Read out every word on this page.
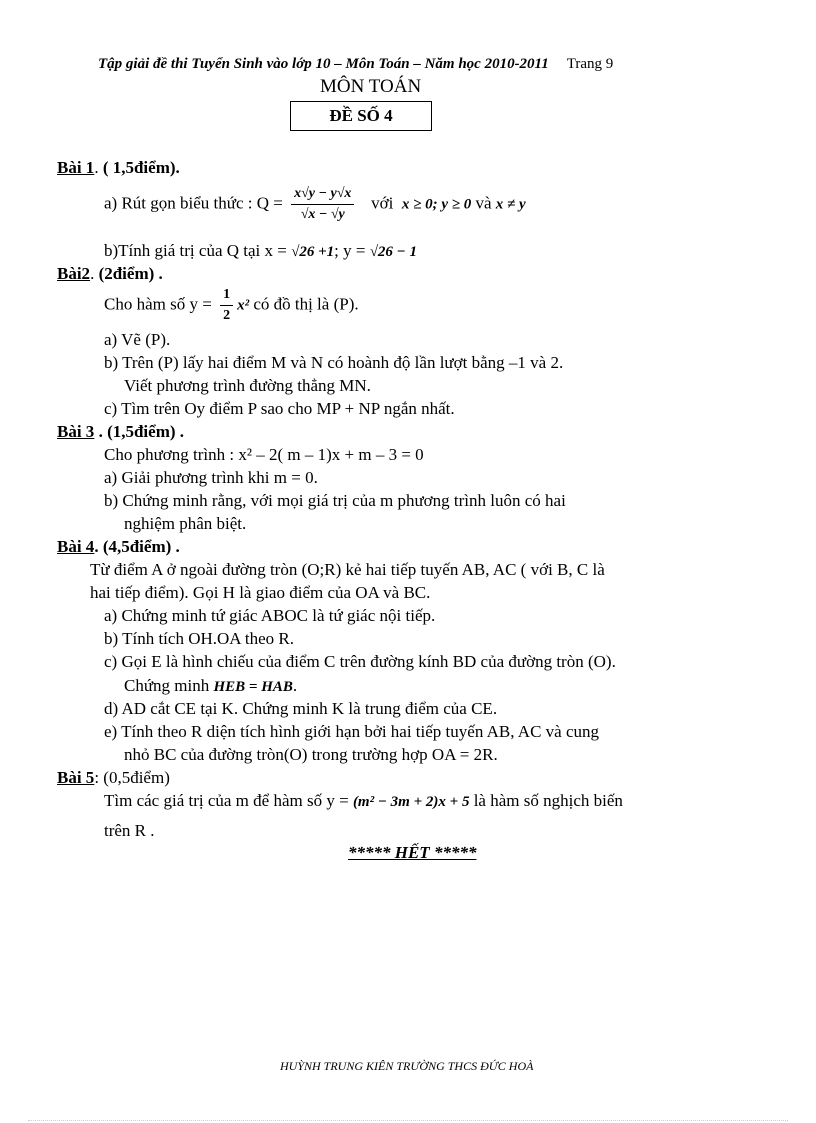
Tập giải đề thi Tuyển Sinh vào lớp 10 – Môn Toán – Năm học 2010-2011 Trang 9
MÔN TOÁN
ĐỀ SỐ 4
Bài 1. ( 1,5điểm).
a) Rút gọn biểu thức : $Q = \frac{x√y - y√x}{√x - √y}$ với x ≥ 0; y ≥ 0 và x ≠ y
b)Tính giá trị của Q tại x = √26 +1; y = √26 − 1
Bài2. (2điểm) .
Cho hàm số $y = \frac{1}{2} x^2$ có đồ thị là (P).
a) Vẽ (P).
b) Trên (P) lấy hai điểm M và N có hoành độ lần lượt bằng –1 và 2.
Viết phương trình đường thẳng MN.
c) Tìm trên Oy điểm P sao cho MP + NP ngắn nhất.
Bài 3 . (1,5điểm) .
Cho phương trình : x² – 2( m – 1)x + m – 3 = 0
a) Giải phương trình khi m = 0.
b) Chứng minh rằng, với mọi giá trị của m phương trình luôn có hai
nghiệm phân biệt.
Bài 4. (4,5điểm) .
Từ điểm A ở ngoài đường tròn (O;R) kẻ hai tiếp tuyến AB, AC ( với B, C là
hai tiếp điểm). Gọi H là giao điểm của OA và BC.
a) Chứng minh tứ giác ABOC là tứ giác nội tiếp.
b) Tính tích OH.OA theo R.
c) Gọi E là hình chiếu của điểm C trên đường kính BD của đường tròn (O).
Chứng minh HEB = HAB.
d) AD cắt CE tại K. Chứng minh K là trung điểm của CE.
e) Tính theo R diện tích hình giới hạn bởi hai tiếp tuyến AB, AC và cung
nhỏ BC của đường tròn(O) trong trường hợp OA = 2R.
Bài 5: (0,5điểm)
Tìm các giá trị của m để hàm số y = (m² − 3m + 2)x + 5 là hàm số nghịch biến
trên R .
***** HẾT *****
HUỲNH TRUNG KIÊN TRƯỜNG THCS ĐỨC HOÀ
